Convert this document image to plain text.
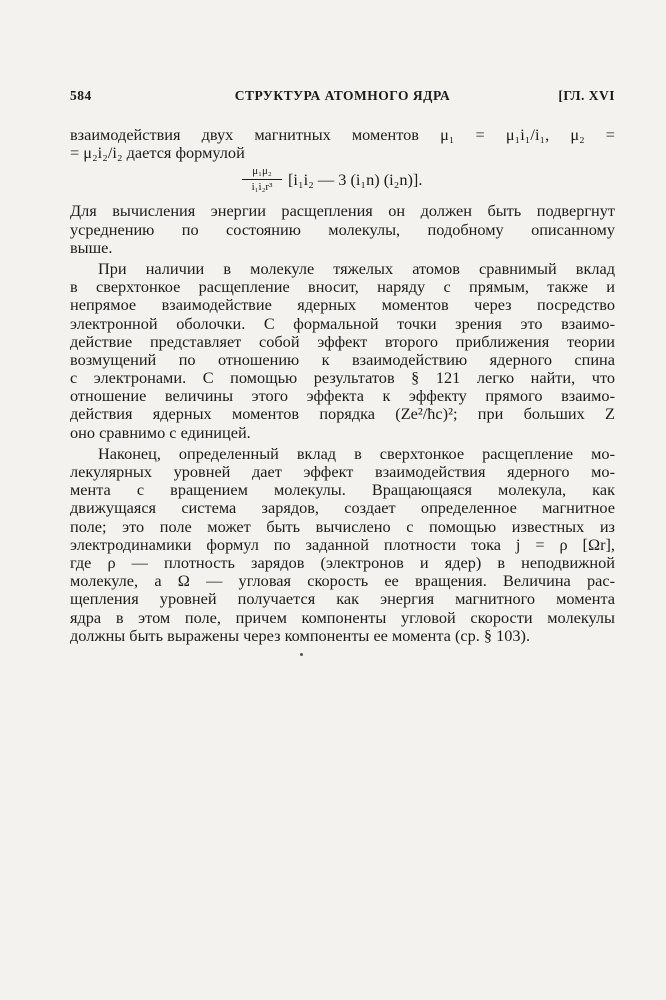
584	СТРУКТУРА АТОМНОГО ЯДРА	[ГЛ. XVI
взаимодействия двух магнитных моментов μ₁ = μ₁i₁/i₁, μ₂ =
= μ₂i₂/i₂ дается формулой
$\frac{\text{μ₁μ₂}}{\text{i₁i₂r³}} [i_1i_2$ — 3 (i₁n) (i₂n)].
Для вычисления энергии расщепления он должен быть подвергнут
усреднению по состоянию молекулы, подобному описанному
выше.
При наличии в молекуле тяжелых атомов сравнимый вклад
в сверхтонкое расщепление вносит, наряду с прямым, также и
непрямое взаимодействие ядерных моментов через посредство
электронной оболочки. С формальной точки зрения это взаимо-
действие представляет собой эффект второго приближения теории
возмущений по отношению к взаимодействию ядерного спина
с электронами. С помощью результатов § 121 легко найти, что
отношение величины этого эффекта к эффекту прямого взаимо-
действия ядерных моментов порядка (Ze²/ħc)²; при больших Z
оно сравнимо с единицей.
Наконец, определенный вклад в сверхтонкое расщепление мо-
лекулярных уровней дает эффект взаимодействия ядерного мо-
мента с вращением молекулы. Вращающаяся молекула, как
движущаяся система зарядов, создает определенное магнитное
поле; это поле может быть вычислено с помощью известных из
электродинамики формул по заданной плотности тока j = ρ [Ωr],
где ρ — плотность зарядов (электронов и ядер) в неподвижной
молекуле, а Ω — угловая скорость ее вращения. Величина рас-
щепления уровней получается как энергия магнитного момента
ядра в этом поле, причем компоненты угловой скорости молекулы
должны быть выражены через компоненты ее момента (ср. § 103).
